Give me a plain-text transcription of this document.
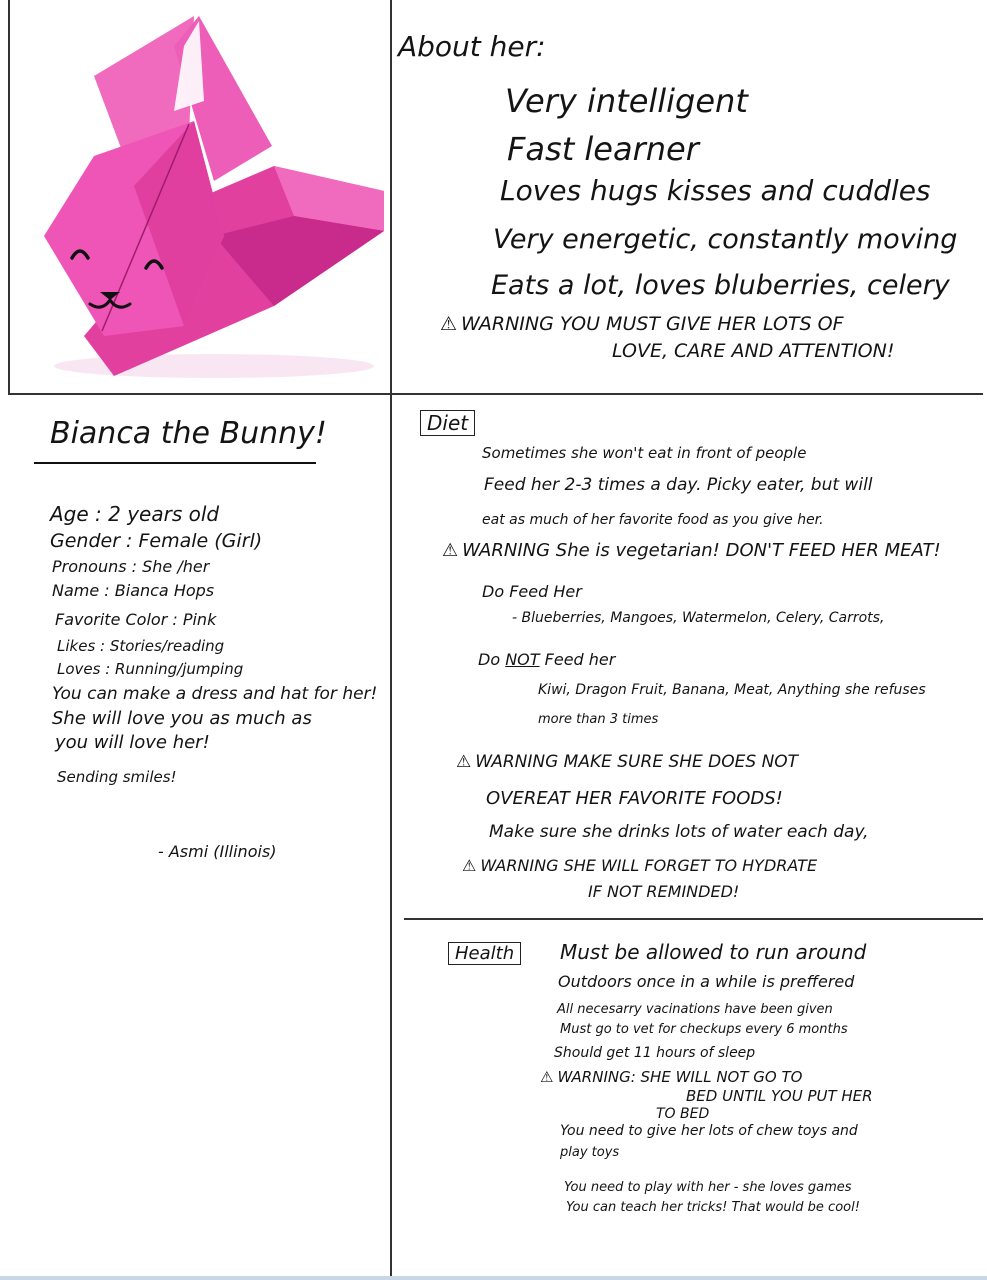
About her:
Very intelligent
Fast learner
Loves hugs kisses and cuddles
Very energetic, constantly moving
Eats a lot, loves bluberries, celery
⚠ WARNING YOU MUST GIVE HER LOTS OF
LOVE, CARE AND ATTENTION!
Bianca the Bunny!
Age : 2 years old
Gender : Female (Girl)
Pronouns : She /her
Name : Bianca Hops
Favorite Color : Pink
Likes : Stories/reading
Loves : Running/jumping
You can make a dress and hat for her!
She will love you as much as
you will love her!
Sending smiles!
- Asmi (Illinois)
Diet
Sometimes she won't eat in front of people
Feed her 2-3 times a day. Picky eater, but will
eat as much of her favorite food as you give her.
⚠ WARNING She is vegetarian! DON'T FEED HER MEAT!
Do Feed Her
- Blueberries, Mangoes, Watermelon, Celery, Carrots,
Do NOT Feed her
Kiwi, Dragon Fruit, Banana, Meat, Anything she refuses
more than 3 times
⚠ WARNING MAKE SURE SHE DOES NOT
OVEREAT HER FAVORITE FOODS!
Make sure she drinks lots of water each day,
⚠ WARNING SHE WILL FORGET TO HYDRATE
IF NOT REMINDED!
Health	Must be allowed to run around
Outdoors once in a while is preffered
All necesarry vacinations have been given
Must go to vet for checkups every 6 months
Should get 11 hours of sleep
⚠ WARNING: SHE WILL NOT GO TO
BED UNTIL YOU PUT HER
TO BED
You need to give her lots of chew toys and
play toys
You need to play with her - she loves games
You can teach her tricks! That would be cool!
